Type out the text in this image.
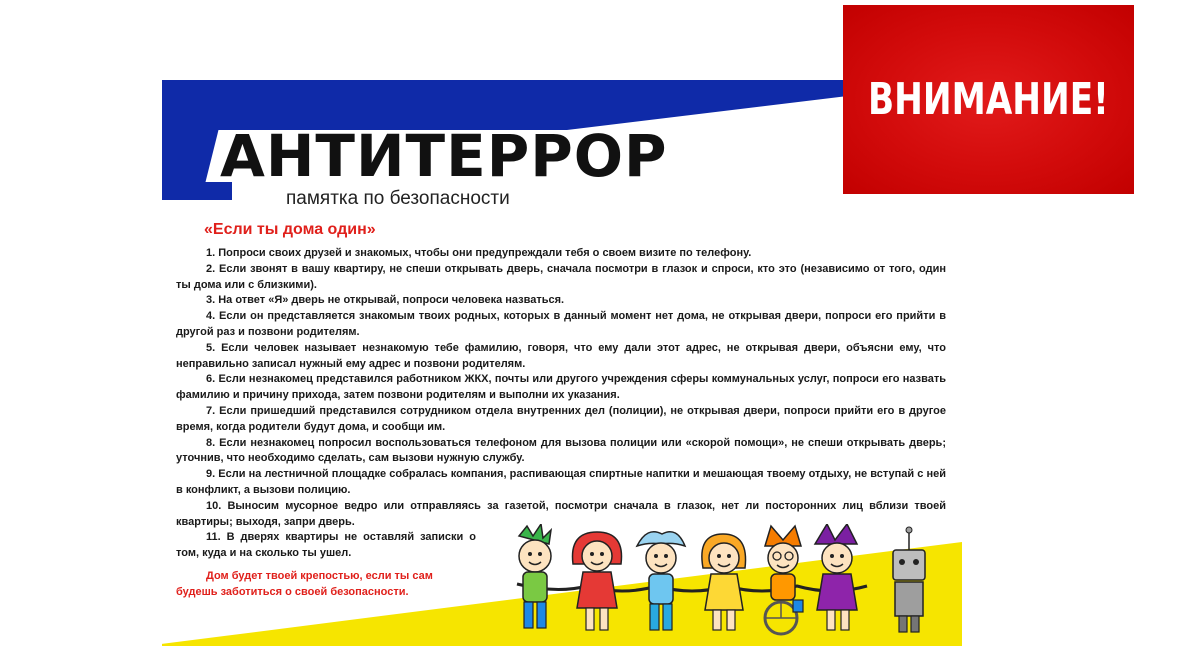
АНТИТЕРРОР
памятка по безопасности
«Если ты дома один»

1. Попроси своих друзей и знакомых, чтобы они предупреждали тебя о своем визите по телефону.

2. Если звонят в вашу квартиру, не спеши открывать дверь, сначала посмотри в глазок и спроси, кто это (независимо от того, один ты дома или с близкими).

3. На ответ «Я» дверь не открывай, попроси человека назваться.

4. Если он представляется знакомым твоих родных, которых в данный момент нет дома, не открывая двери, попроси его прийти в другой раз и позвони родителям.

5. Если человек называет незнакомую тебе фамилию, говоря, что ему дали этот адрес, не открывая двери, объясни ему, что неправильно записал нужный ему адрес и позвони родителям.

6. Если незнакомец представился работником ЖКХ, почты или другого учреждения сферы коммунальных услуг, попроси его назвать фамилию и причину прихода, затем позвони родителям и выполни их указания.

7. Если пришедший представился сотрудником отдела внутренних дел (полиции), не открывая двери, попроси прийти его в другое время, когда родители будут дома, и сообщи им.

8. Если незнакомец попросил воспользоваться телефоном для вызова полиции или «скорой помощи», не спеши открывать дверь; уточнив, что необходимо сделать, сам вызови нужную службу.

9. Если на лестничной площадке собралась компания, распивающая спиртные напитки и мешающая твоему отдыху, не вступай с ней в конфликт, а вызови полицию.

10. Выносим мусорное ведро или отправляясь за газетой, посмотри сначала в глазок, нет ли посторонних лиц вблизи твоей квартиры; выходя, запри дверь.

11. В дверях квартиры не оставляй записки о том, куда и на сколько ты ушел.

Дом будет твоей крепостью, если ты сам будешь заботиться о своей безопасности.
ВНИМАНИЕ!
